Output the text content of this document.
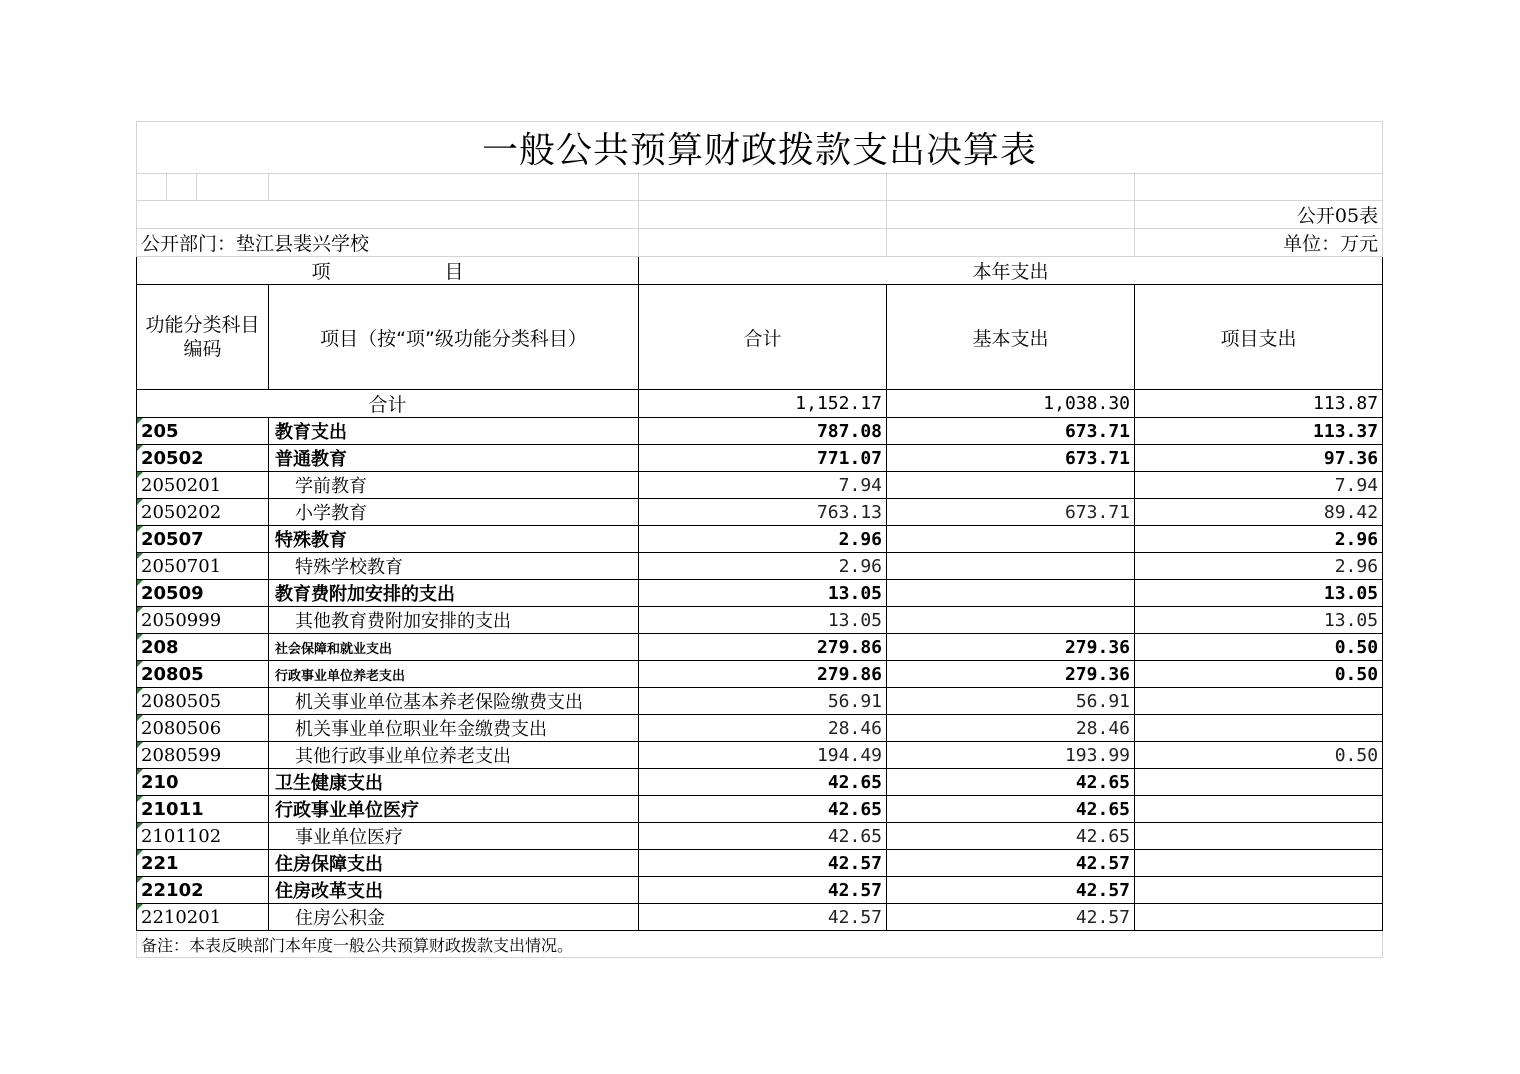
一般公共预算财政拨款支出决算表						

						公开05表
公开部门：垫江县裴兴学校						单位：万元
项　　　　　　目				本年支出		
功能分类科目编码			项目（按“项”级功能分类科目）	合计	基本支出	项目支出
合计				1,152.17	1,038.30	113.87
205			教育支出	787.08	673.71	113.37
20502			普通教育	771.07	673.71	97.36
2050201			学前教育	7.94		7.94
2050202			小学教育	763.13	673.71	89.42
20507			特殊教育	2.96		2.96
2050701			特殊学校教育	2.96		2.96
20509			教育费附加安排的支出	13.05		13.05
2050999			其他教育费附加安排的支出	13.05		13.05
208			社会保障和就业支出	279.86	279.36	0.50
20805			行政事业单位养老支出	279.86	279.36	0.50
2080505			机关事业单位基本养老保险缴费支出	56.91	56.91	
2080506			机关事业单位职业年金缴费支出	28.46	28.46	
2080599			其他行政事业单位养老支出	194.49	193.99	0.50
210			卫生健康支出	42.65	42.65	
21011			行政事业单位医疗	42.65	42.65	
2101102			事业单位医疗	42.65	42.65	
221			住房保障支出	42.57	42.57	
22102			住房改革支出	42.57	42.57	
2210201			住房公积金	42.57	42.57	
备注：本表反映部门本年度一般公共预算财政拨款支出情况。						
